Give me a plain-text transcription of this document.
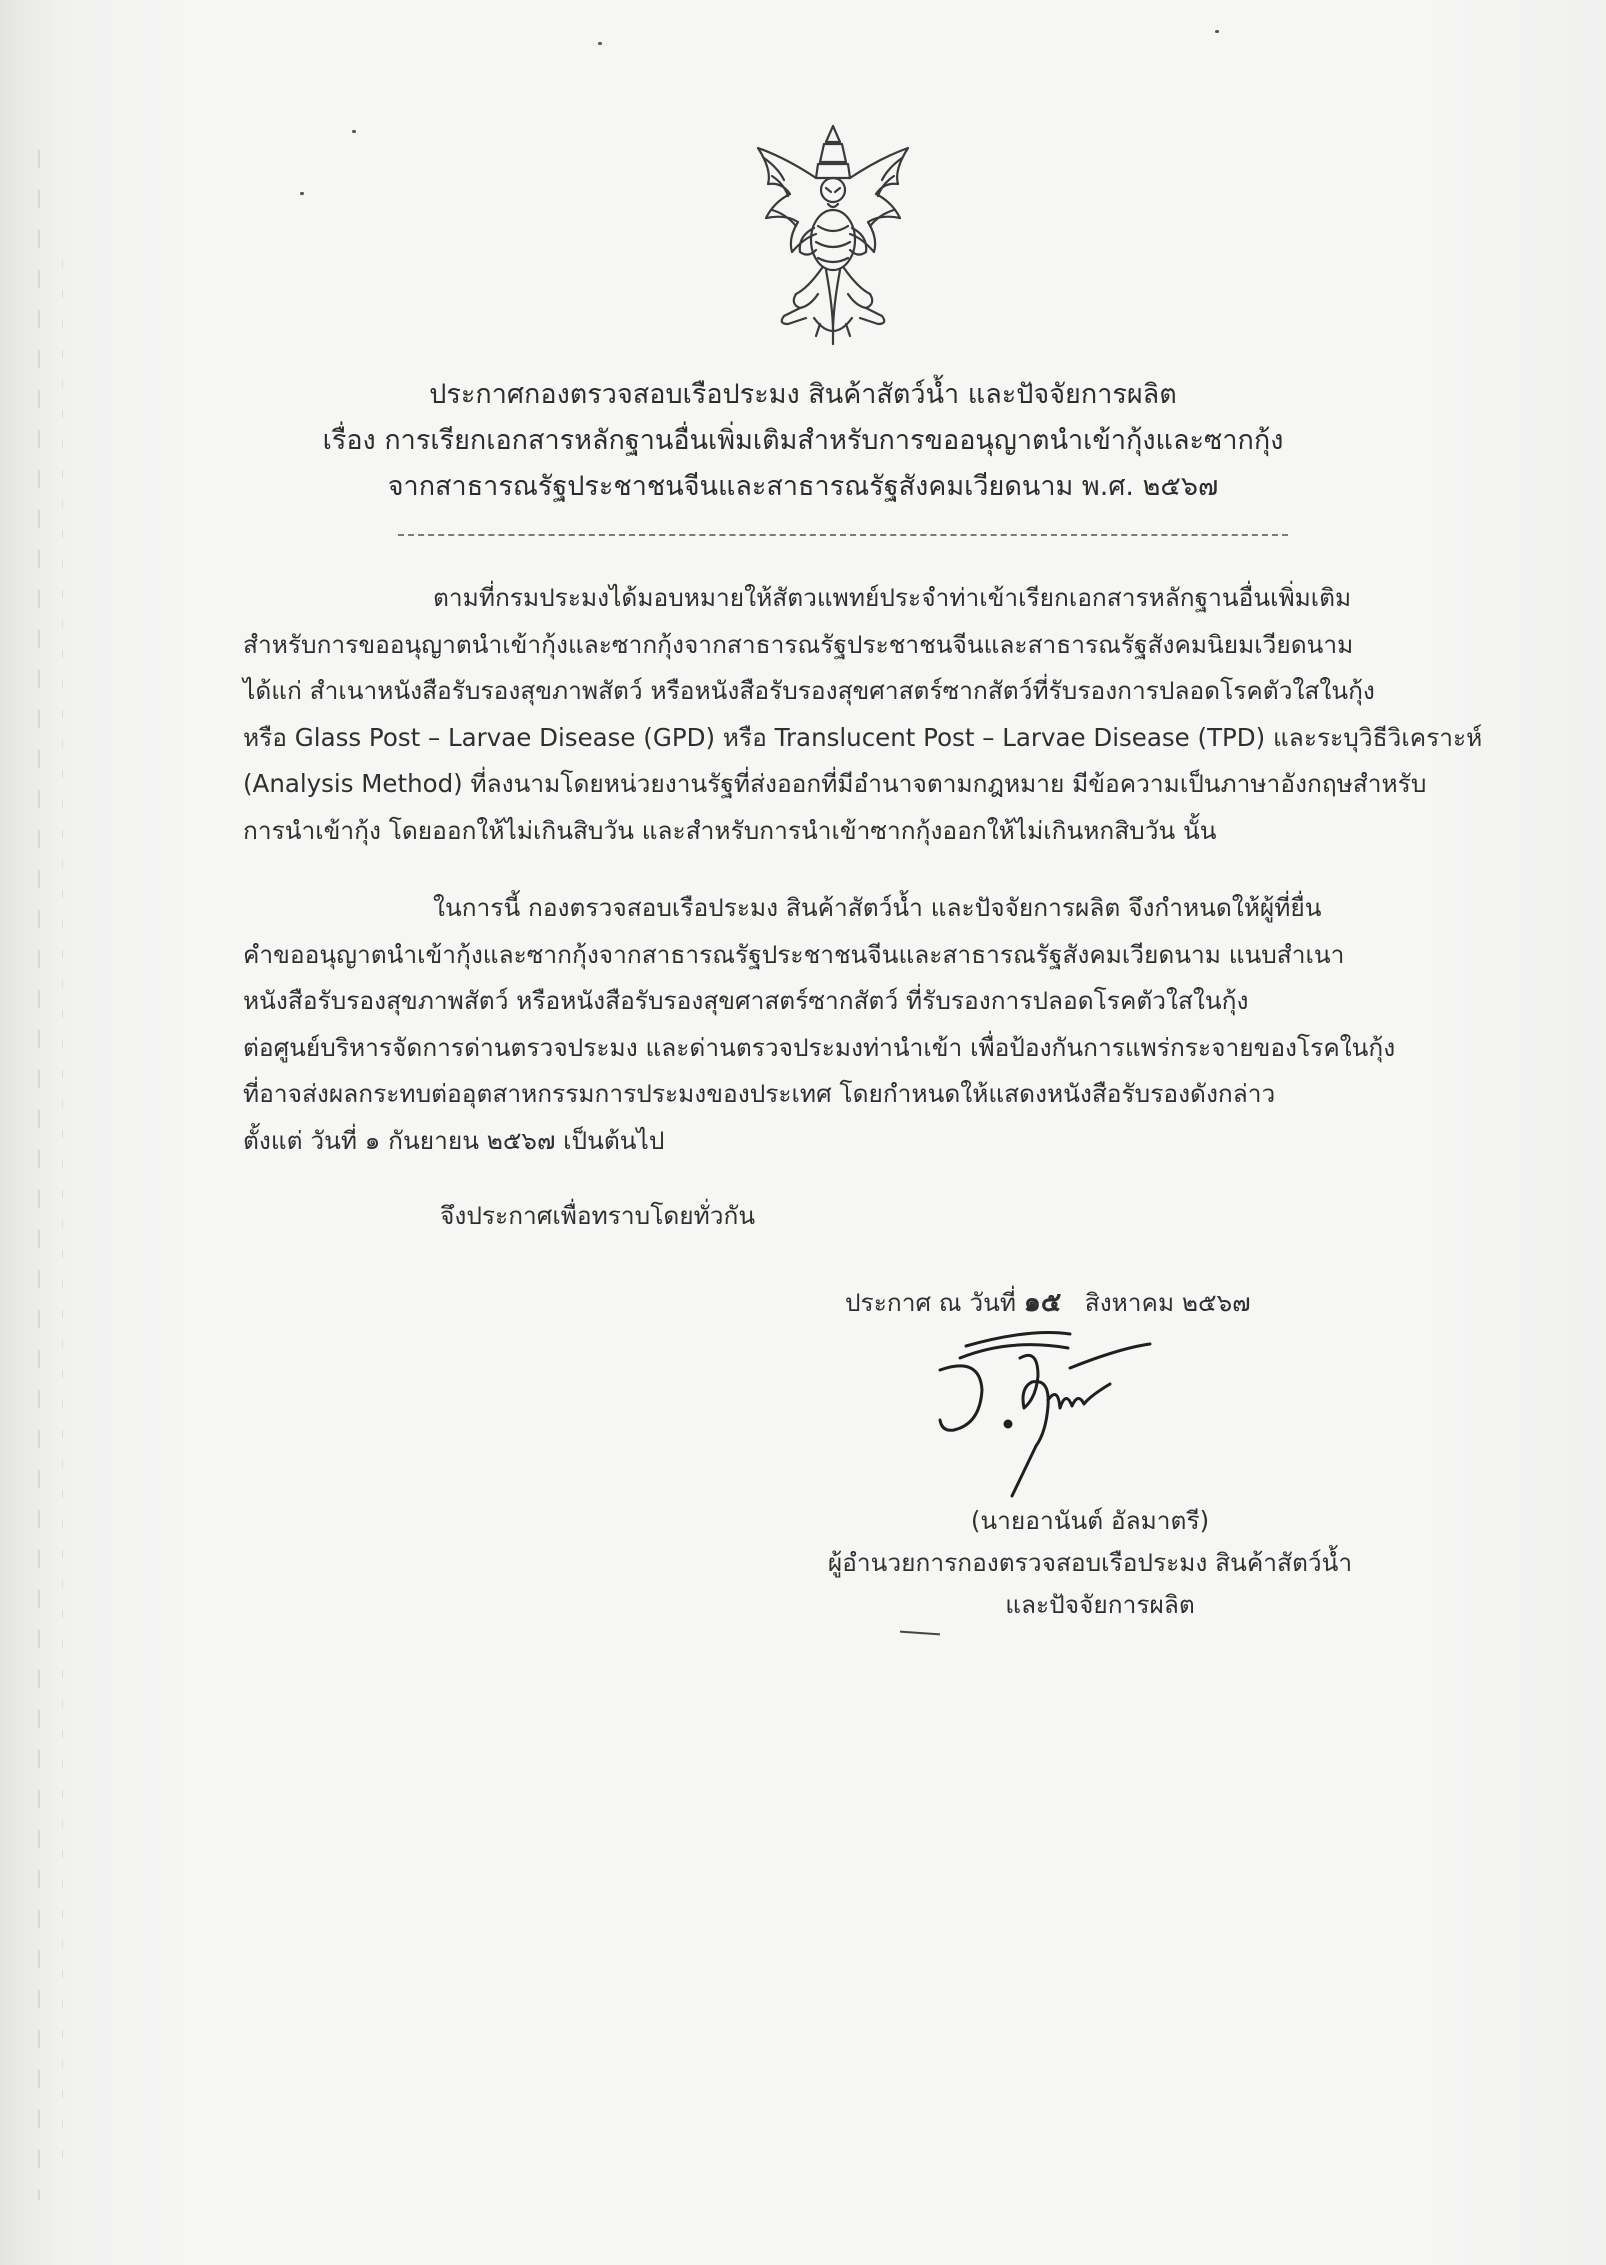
ประกาศกองตรวจสอบเรือประมง สินค้าสัตว์น้ำ และปัจจัยการผลิต
เรื่อง การเรียกเอกสารหลักฐานอื่นเพิ่มเติมสำหรับการขออนุญาตนำเข้ากุ้งและซากกุ้ง
จากสาธารณรัฐประชาชนจีนและสาธารณรัฐสังคมเวียดนาม พ.ศ. ๒๕๖๗
ตามที่กรมประมงได้มอบหมายให้สัตวแพทย์ประจำท่าเข้าเรียกเอกสารหลักฐานอื่นเพิ่มเติม
สำหรับการขออนุญาตนำเข้ากุ้งและซากกุ้งจากสาธารณรัฐประชาชนจีนและสาธารณรัฐสังคมนิยมเวียดนาม
ได้แก่ สำเนาหนังสือรับรองสุขภาพสัตว์ หรือหนังสือรับรองสุขศาสตร์ซากสัตว์ที่รับรองการปลอดโรคตัวใสในกุ้ง
หรือ Glass Post – Larvae Disease (GPD) หรือ Translucent Post – Larvae Disease (TPD) และระบุวิธีวิเคราะห์
(Analysis Method) ที่ลงนามโดยหน่วยงานรัฐที่ส่งออกที่มีอำนาจตามกฎหมาย มีข้อความเป็นภาษาอังกฤษสำหรับ
การนำเข้ากุ้ง โดยออกให้ไม่เกินสิบวัน และสำหรับการนำเข้าซากกุ้งออกให้ไม่เกินหกสิบวัน นั้น
ในการนี้ กองตรวจสอบเรือประมง สินค้าสัตว์น้ำ และปัจจัยการผลิต จึงกำหนดให้ผู้ที่ยื่น
คำขออนุญาตนำเข้ากุ้งและซากกุ้งจากสาธารณรัฐประชาชนจีนและสาธารณรัฐสังคมเวียดนาม แนบสำเนา
หนังสือรับรองสุขภาพสัตว์ หรือหนังสือรับรองสุขศาสตร์ซากสัตว์ ที่รับรองการปลอดโรคตัวใสในกุ้ง
ต่อศูนย์บริหารจัดการด่านตรวจประมง และด่านตรวจประมงท่านำเข้า เพื่อป้องกันการแพร่กระจายของโรคในกุ้ง
ที่อาจส่งผลกระทบต่ออุตสาหกรรมการประมงของประเทศ โดยกำหนดให้แสดงหนังสือรับรองดังกล่าว
ตั้งแต่ วันที่ ๑ กันยายน ๒๕๖๗ เป็นต้นไป
จึงประกาศเพื่อทราบโดยทั่วกัน
ประกาศ ณ วันที่ ๑๕ สิงหาคม ๒๕๖๗
(นายอานันต์ อัลมาตรี)
ผู้อำนวยการกองตรวจสอบเรือประมง สินค้าสัตว์น้ำ
และปัจจัยการผลิต
